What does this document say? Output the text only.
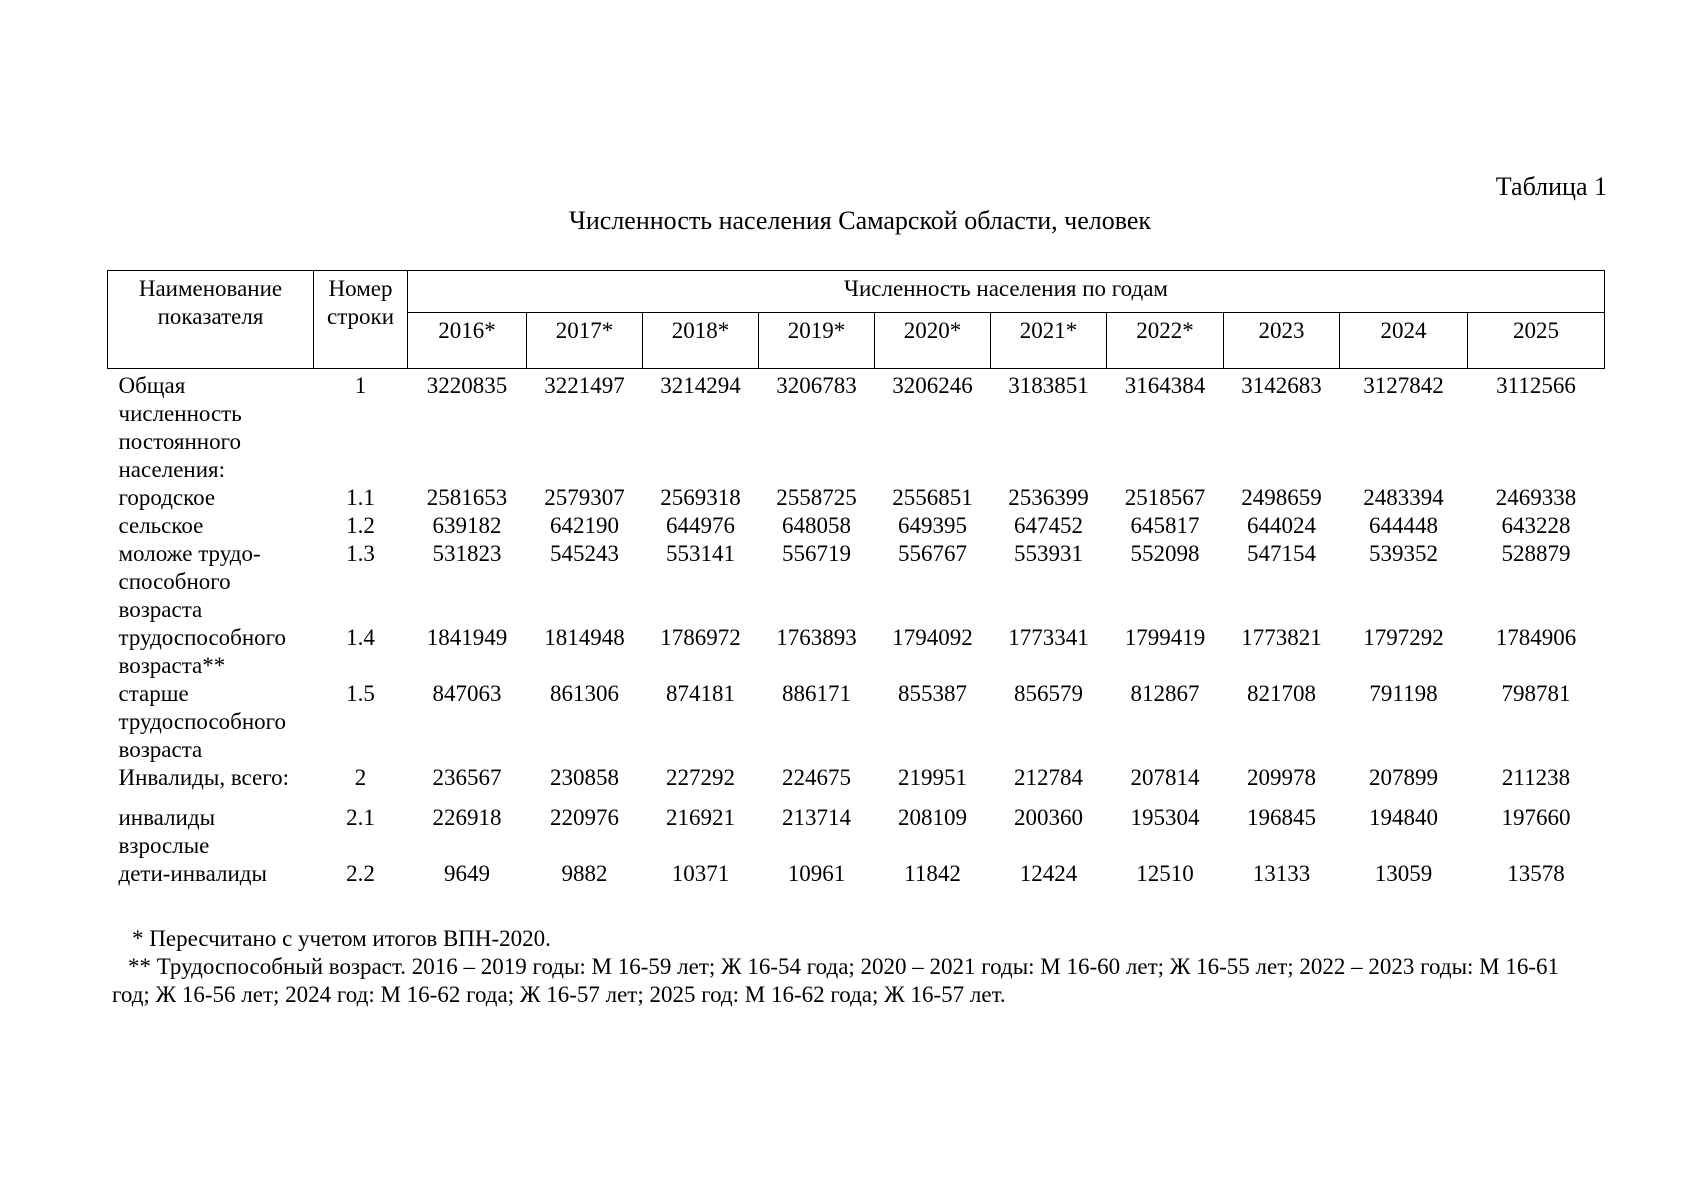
Таблица 1
Численность населения Самарской области, человек
Наименование показателя	Номер строки	Численность населения по годам									
		2016*	2017*	2018*	2019*	2020*	2021*	2022*	2023	2024	2025
Общая численность постоянного населения:	1	3220835	3221497	3214294	3206783	3206246	3183851	3164384	3142683	3127842	3112566
городское	1.1	2581653	2579307	2569318	2558725	2556851	2536399	2518567	2498659	2483394	2469338
сельское	1.2	639182	642190	644976	648058	649395	647452	645817	644024	644448	643228
моложе трудо-способного возраста	1.3	531823	545243	553141	556719	556767	553931	552098	547154	539352	528879
трудоспособного возраста**	1.4	1841949	1814948	1786972	1763893	1794092	1773341	1799419	1773821	1797292	1784906
старше трудоспособного возраста	1.5	847063	861306	874181	886171	855387	856579	812867	821708	791198	798781
Инвалиды, всего:	2	236567	230858	227292	224675	219951	212784	207814	209978	207899	211238
инвалиды взрослые	2.1	226918	220976	216921	213714	208109	200360	195304	196845	194840	197660
дети-инвалиды	2.2	9649	9882	10371	10961	11842	12424	12510	13133	13059	13578
* Пересчитано с учетом итогов ВПН-2020.
** Трудоспособный возраст. 2016 – 2019 годы: М 16-59 лет; Ж 16-54 года; 2020 – 2021 годы: М 16-60 лет; Ж 16-55 лет; 2022 – 2023 годы: М 16-61 год; Ж 16-56 лет; 2024 год: М 16-62 года; Ж 16-57 лет; 2025 год: М 16-62 года; Ж 16-57 лет.
